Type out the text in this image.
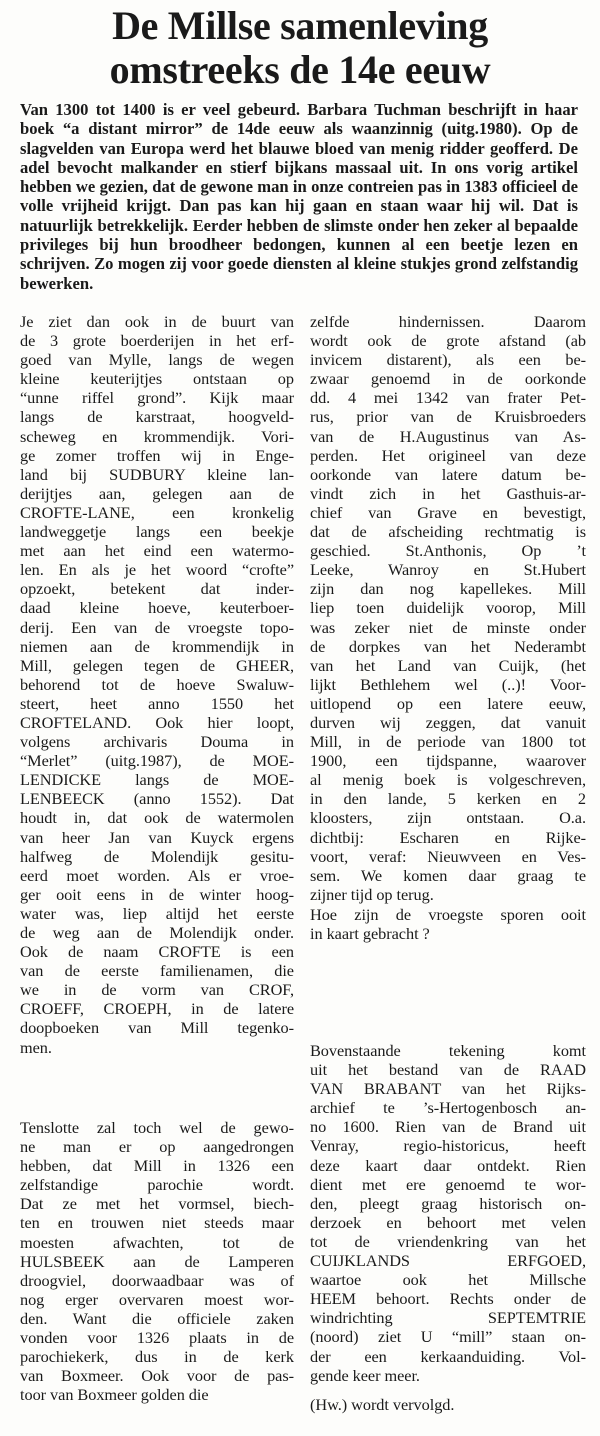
De Millse samenleving
omstreeks de 14e eeuw
Van 1300 tot 1400 is er veel gebeurd. Barbara Tuchman beschrijft in haar boek “a distant mirror” de 14de eeuw als waanzinnig (uitg.1980). Op de slagvelden van Europa werd het blauwe bloed van menig ridder geofferd. De adel bevocht malkander en stierf bijkans massaal uit. In ons vorig artikel hebben we gezien, dat de gewone man in onze contreien pas in 1383 officieel de volle vrijheid krijgt. Dan pas kan hij gaan en staan waar hij wil. Dat is natuurlijk betrekkelijk. Eerder hebben de slimste onder hen zeker al bepaalde privileges bij hun broodheer bedongen, kunnen al een beetje lezen en schrijven. Zo mogen zij voor goede diensten al kleine stukjes grond zelfstandig bewerken.
Je ziet dan ook in de buurt van
de 3 grote boerderijen in het erf-
goed van Mylle, langs de wegen
kleine keuterijtjes ontstaan op
“unne riffel grond”. Kijk maar
langs de karstraat, hoogveld-
scheweg en krommendijk. Vori-
ge zomer troffen wij in Enge-
land bij SUDBURY kleine lan-
derijtjes aan, gelegen aan de
CROFTE-LANE, een kronkelig
landweggetje langs een beekje
met aan het eind een watermo-
len. En als je het woord “crofte”
opzoekt, betekent dat inder-
daad kleine hoeve, keuterboer-
derij. Een van de vroegste topo-
niemen aan de krommendijk in
Mill, gelegen tegen de GHEER,
behorend tot de hoeve Swaluw-
steert, heet anno 1550 het
CROFTELAND. Ook hier loopt,
volgens archivaris Douma in
“Merlet” (uitg.1987), de MOE-
LENDICKE langs de MOE-
LENBEECK (anno 1552). Dat
houdt in, dat ook de watermolen
van heer Jan van Kuyck ergens
halfweg de Molendijk gesitu-
eerd moet worden. Als er vroe-
ger ooit eens in de winter hoog-
water was, liep altijd het eerste
de weg aan de Molendijk onder.
Ook de naam CROFTE is een
van de eerste familienamen, die
we in de vorm van CROF,
CROEFF, CROEPH, in de latere
doopboeken van Mill tegenko-
men.
Tenslotte zal toch wel de gewo-
ne man er op aangedrongen
hebben, dat Mill in 1326 een
zelfstandige parochie wordt.
Dat ze met het vormsel, biech-
ten en trouwen niet steeds maar
moesten afwachten, tot de
HULSBEEK aan de Lamperen
droogviel, doorwaadbaar was of
nog erger overvaren moest wor-
den. Want die officiele zaken
vonden voor 1326 plaats in de
parochiekerk, dus in de kerk
van Boxmeer. Ook voor de pas-
toor van Boxmeer golden die
zelfde hindernissen. Daarom
wordt ook de grote afstand (ab
invicem distarent), als een be-
zwaar genoemd in de oorkonde
dd. 4 mei 1342 van frater Pet-
rus, prior van de Kruisbroeders
van de H.Augustinus van As-
perden. Het origineel van deze
oorkonde van latere datum be-
vindt zich in het Gasthuis-ar-
chief van Grave en bevestigt,
dat de afscheiding rechtmatig is
geschied. St.Anthonis, Op ’t
Leeke, Wanroy en St.Hubert
zijn dan nog kapellekes. Mill
liep toen duidelijk voorop, Mill
was zeker niet de minste onder
de dorpkes van het Nederambt
van het Land van Cuijk, (het
lijkt Bethlehem wel (..)! Voor-
uitlopend op een latere eeuw,
durven wij zeggen, dat vanuit
Mill, in de periode van 1800 tot
1900, een tijdspanne, waarover
al menig boek is volgeschreven,
in den lande, 5 kerken en 2
kloosters, zijn ontstaan. O.a.
dichtbij: Escharen en Rijke-
voort, veraf: Nieuwveen en Ves-
sem. We komen daar graag te
zijner tijd op terug.
Hoe zijn de vroegste sporen ooit
in kaart gebracht ?
Bovenstaande tekening komt
uit het bestand van de RAAD
VAN BRABANT van het Rijks-
archief te ’s-Hertogenbosch an-
no 1600. Rien van de Brand uit
Venray, regio-historicus, heeft
deze kaart daar ontdekt. Rien
dient met ere genoemd te wor-
den, pleegt graag historisch on-
derzoek en behoort met velen
tot de vriendenkring van het
CUIJKLANDS ERFGOED,
waartoe ook het Millsche
HEEM behoort. Rechts onder de
windrichting SEPTEMTRIE
(noord) ziet U “mill” staan on-
der een kerkaanduiding. Vol-
gende keer meer.
(Hw.) wordt vervolgd.
